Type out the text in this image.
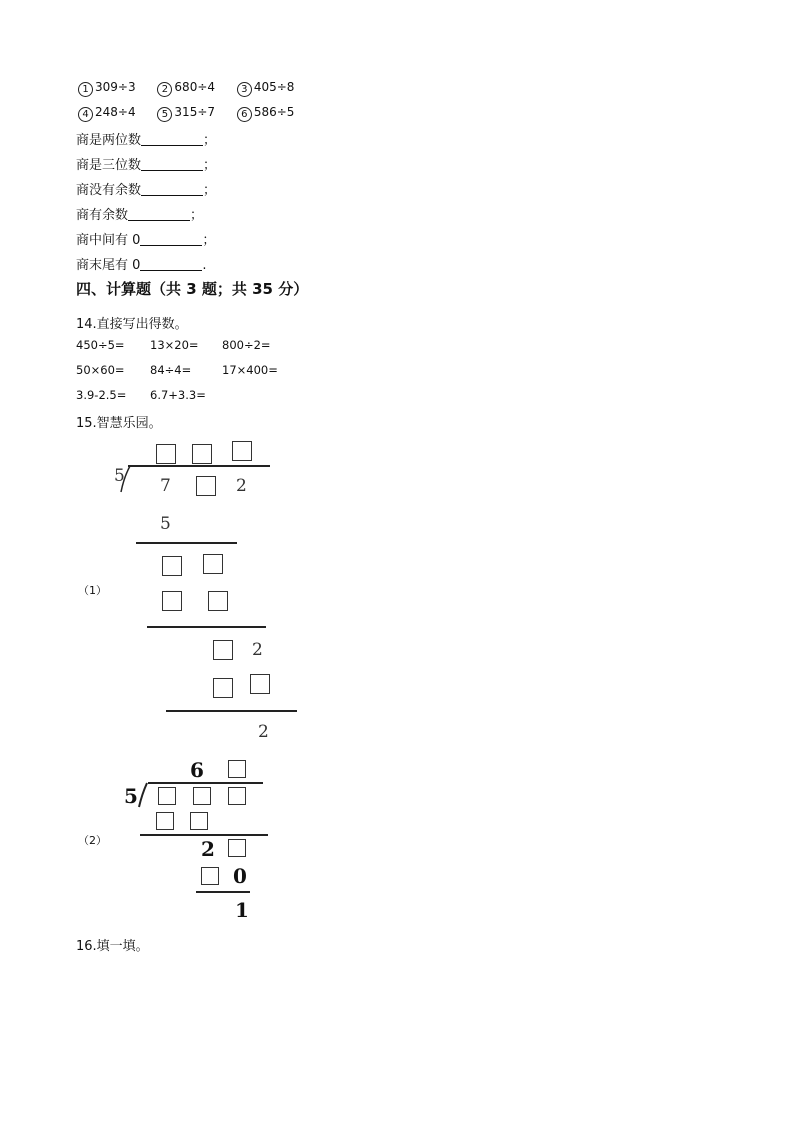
1 309÷3	2 680÷4	3 405÷8
4 248÷4	5 315÷7	6 586÷5
商是两位数	；
商是三位数	；
商没有余数	；
商有余数	；
商中间有 0	；
商末尾有 0	.
四、计算题（共 3 题；共 35 分）
14.直接写出得数。
450÷5= 13×20= 800÷2=
50×60= 84÷4=	17×400=
3.9-2.5= 6.7+3.3=
15.智慧乐园。
5 7	2
5
2
2
（1）
6
5
2
0
1
（2）
16.填一填。
